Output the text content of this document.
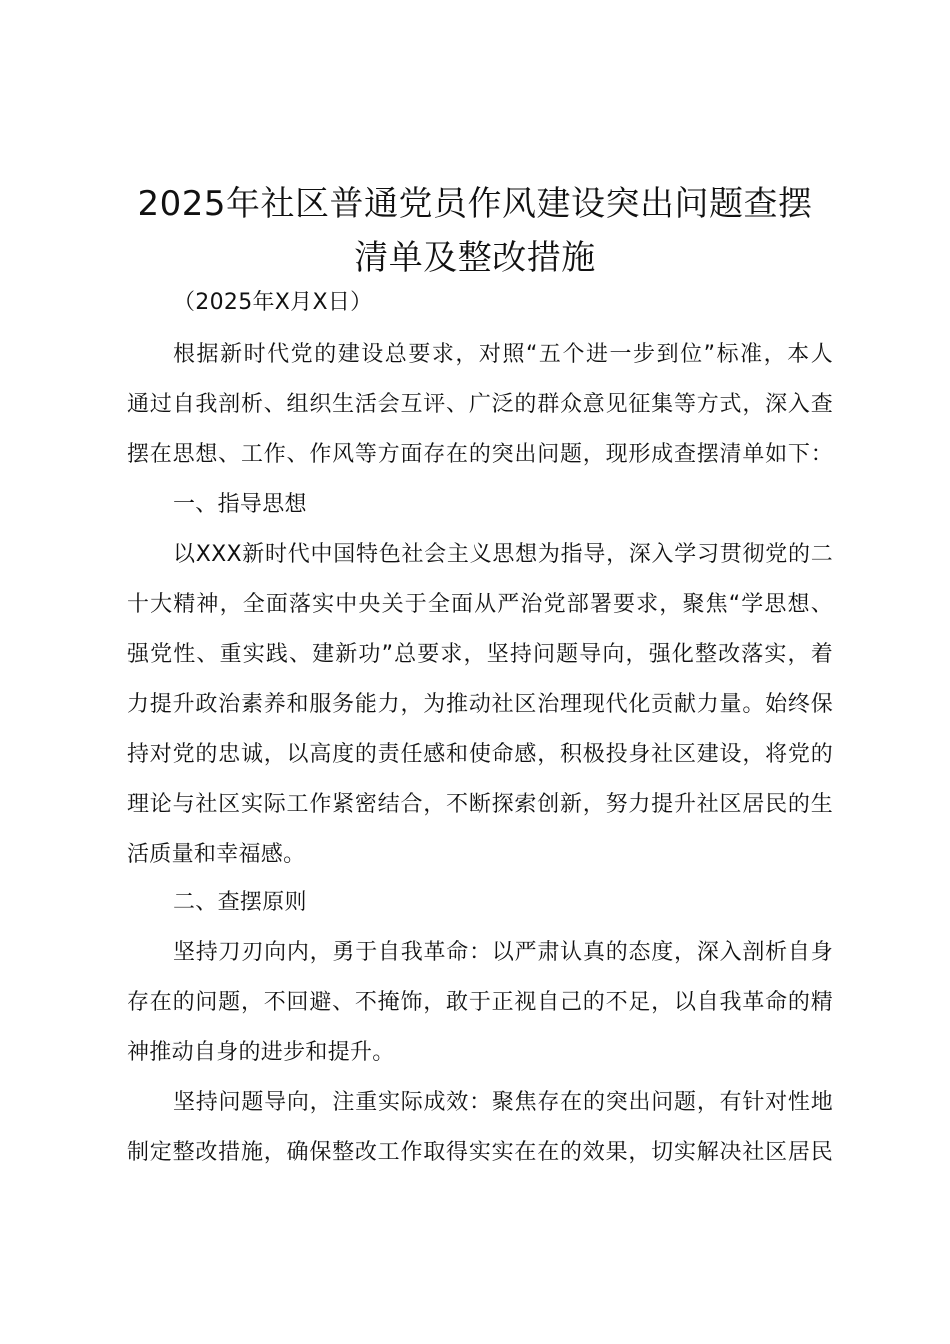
2025年社区普通党员作风建设突出问题查摆
清单及整改措施
（2025年X月X日）
根据新时代党的建设总要求，对照“五个进一步到位”标准，本人
通过自我剖析、组织生活会互评、广泛的群众意见征集等方式，深入查
摆在思想、工作、作风等方面存在的突出问题，现形成查摆清单如下：
一、指导思想
以XXX新时代中国特色社会主义思想为指导，深入学习贯彻党的二
十大精神，全面落实中央关于全面从严治党部署要求，聚焦“学思想、
强党性、重实践、建新功”总要求，坚持问题导向，强化整改落实，着
力提升政治素养和服务能力，为推动社区治理现代化贡献力量。始终保
持对党的忠诚，以高度的责任感和使命感，积极投身社区建设，将党的
理论与社区实际工作紧密结合，不断探索创新，努力提升社区居民的生
活质量和幸福感。
二、查摆原则
坚持刀刃向内，勇于自我革命：以严肃认真的态度，深入剖析自身
存在的问题，不回避、不掩饰，敢于正视自己的不足，以自我革命的精
神推动自身的进步和提升。
坚持问题导向，注重实际成效：聚焦存在的突出问题，有针对性地
制定整改措施，确保整改工作取得实实在在的效果，切实解决社区居民
